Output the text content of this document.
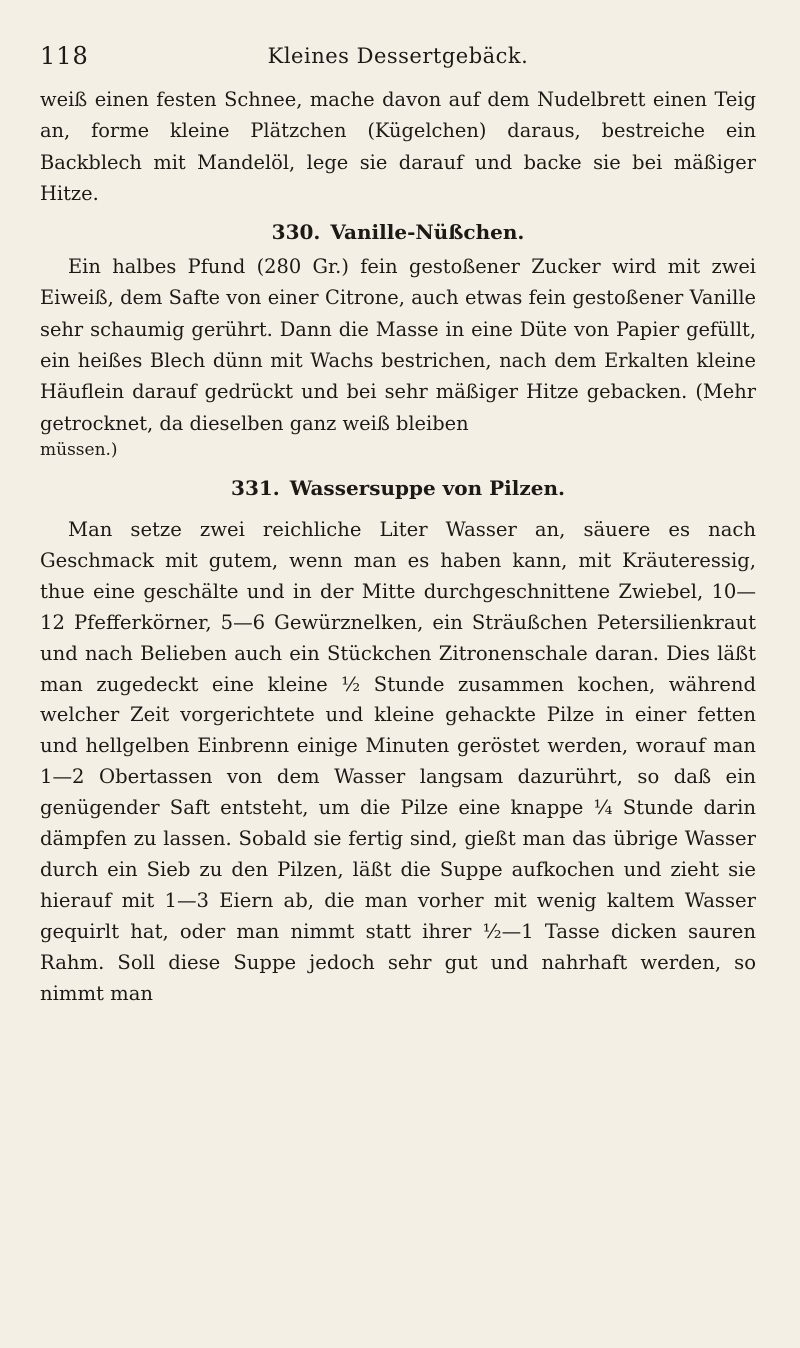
118	Kleines Dessertgebäck.

weiß einen festen Schnee, mache davon auf dem Nudelbrett einen Teig an, forme kleine Plätzchen (Kügelchen) daraus, bestreiche ein Backblech mit Mandelöl, lege sie darauf und backe sie bei mäßiger Hitze.

330. Vanille-Nüßchen.

Ein halbes Pfund (280 Gr.) fein gestoßener Zucker wird mit zwei Eiweiß, dem Safte von einer Citrone, auch etwas fein gestoßener Vanille sehr schaumig gerührt. Dann die Masse in eine Düte von Papier gefüllt, ein heißes Blech dünn mit Wachs bestrichen, nach dem Erkalten kleine Häuflein darauf gedrückt und bei sehr mäßiger Hitze gebacken. (Mehr getrocknet, da dieselben ganz weiß bleiben

müssen.)

331. Wassersuppe von Pilzen.

Man setze zwei reichliche Liter Wasser an, säuere es nach Geschmack mit gutem, wenn man es haben kann, mit Kräuteressig, thue eine geschälte und in der Mitte durchgeschnittene Zwiebel, 10—12 Pfefferkörner, 5—6 Gewürznelken, ein Sträußchen Petersilienkraut und nach Belieben auch ein Stückchen Zitronenschale daran. Dies läßt man zugedeckt eine kleine ½ Stunde zusammen kochen, während welcher Zeit vorgerichtete und kleine gehackte Pilze in einer fetten und hellgelben Einbrenn einige Minuten geröstet werden, worauf man 1—2 Obertassen von dem Wasser langsam dazurührt, so daß ein genügender Saft entsteht, um die Pilze eine knappe ¼ Stunde darin dämpfen zu lassen. Sobald sie fertig sind, gießt man das übrige Wasser durch ein Sieb zu den Pilzen, läßt die Suppe aufkochen und zieht sie hierauf mit 1—3 Eiern ab, die man vorher mit wenig kaltem Wasser gequirlt hat, oder man nimmt statt ihrer ½—1 Tasse dicken sauren Rahm. Soll diese Suppe jedoch sehr gut und nahrhaft werden, so nimmt man
